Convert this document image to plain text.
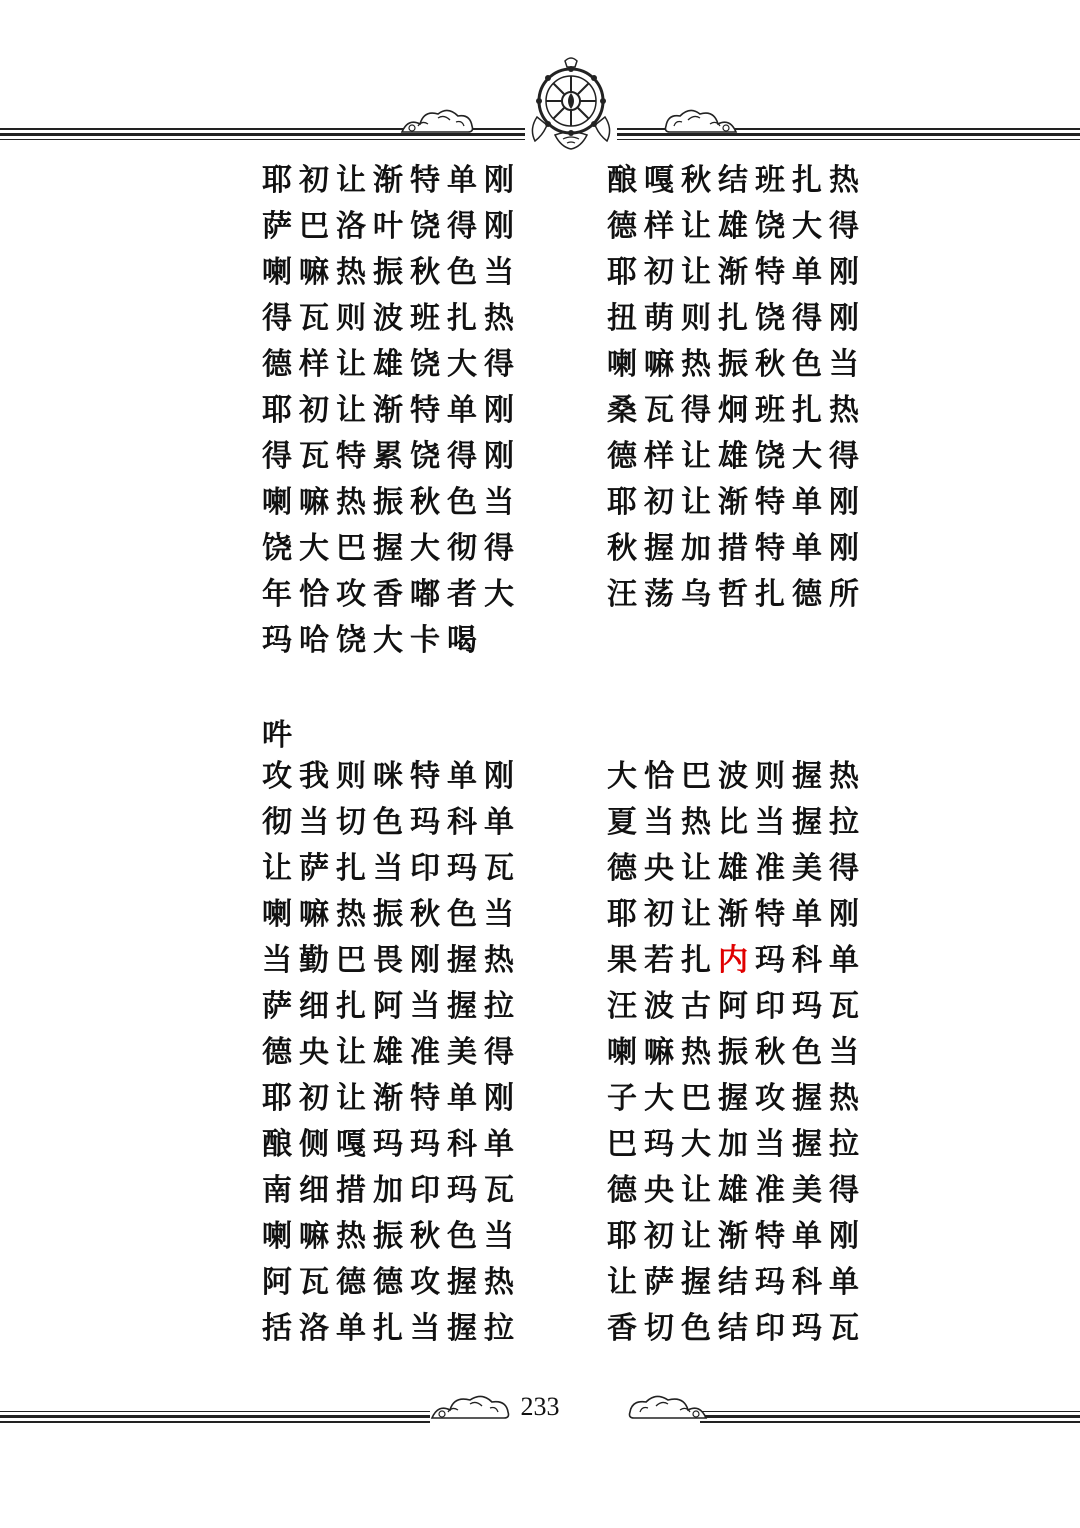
耶初让渐特单刚
萨巴洛叶饶得刚
喇嘛热振秋色当
得瓦则波班扎热
德样让雄饶大得
耶初让渐特单刚
得瓦特累饶得刚
喇嘛热振秋色当
饶大巴握大彻得
年恰攻香嘟者大
玛哈饶大卡喝
酿嘎秋结班扎热
德样让雄饶大得
耶初让渐特单刚
扭萌则扎饶得刚
喇嘛热振秋色当
桑瓦得炯班扎热
德样让雄饶大得
耶初让渐特单刚
秋握加措特单刚
汪荡乌哲扎德所
吽
攻我则咪特单刚
彻当切色玛科单
让萨扎当印玛瓦
喇嘛热振秋色当
当勤巴畏刚握热
萨细扎阿当握拉
德央让雄准美得
耶初让渐特单刚
酿侧嘎玛玛科单
南细措加印玛瓦
喇嘛热振秋色当
阿瓦德德攻握热
括洛单扎当握拉
大恰巴波则握热
夏当热比当握拉
德央让雄准美得
耶初让渐特单刚
果若扎内玛科单
汪波古阿印玛瓦
喇嘛热振秋色当
子大巴握攻握热
巴玛大加当握拉
德央让雄准美得
耶初让渐特单刚
让萨握结玛科单
香切色结印玛瓦
233
